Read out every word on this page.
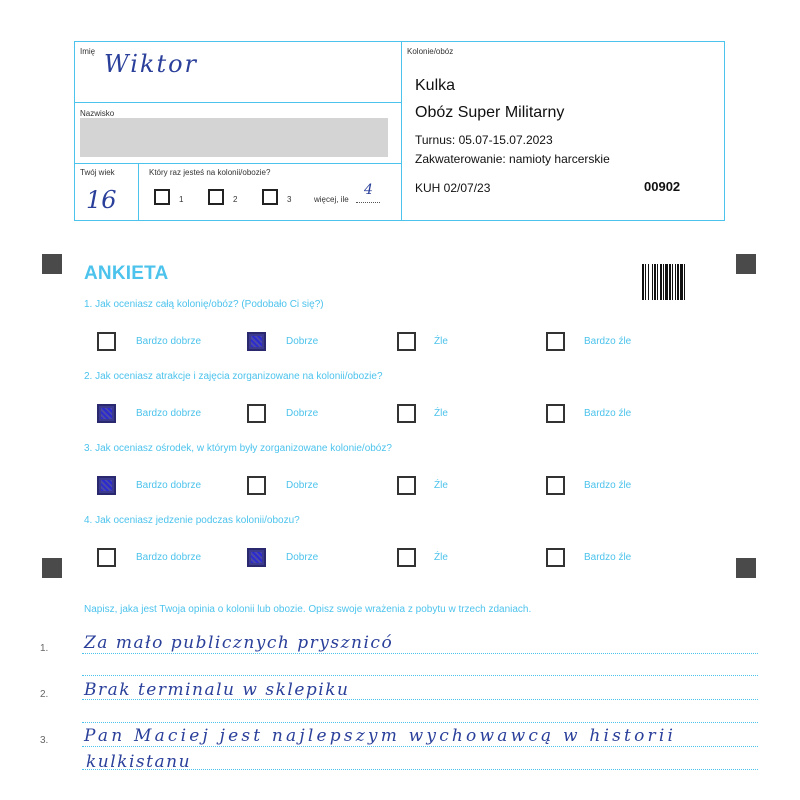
Imię Wiktor
Nazwisko
Twój wiek
16
Który raz jesteś na kolonii/obozie?
1	2	3	więcej, ile
4
Kolonie/obóz
Kulka
Obóz Super Militarny
Turnus: 05.07-15.07.2023
Zakwaterowanie: namioty harcerskie
KUH 02/07/23	00902
ANKIETA
1. Jak oceniasz całą kolonię/obóz? (Podobało Ci się?)
Bardzo dobrze	Dobrze	Źle	Bardzo źle
2. Jak oceniasz atrakcje i zajęcia zorganizowane na kolonii/obozie?
Bardzo dobrze	Dobrze	Źle	Bardzo źle
3. Jak oceniasz ośrodek, w którym były zorganizowane kolonie/obóz?
Bardzo dobrze	Dobrze	Źle	Bardzo źle
4. Jak oceniasz jedzenie podczas kolonii/obozu?
Bardzo dobrze	Dobrze	Źle	Bardzo źle
Napisz, jaka jest Twoja opinia o kolonii lub obozie. Opisz swoje wrażenia z pobytu w trzech zdaniach.
1.
2.
3.
Za mało publicznych prysznicó
Brak terminalu w sklepiku
Pan Maciej jest najlepszym wychowawcą w historii
kulkistanu
